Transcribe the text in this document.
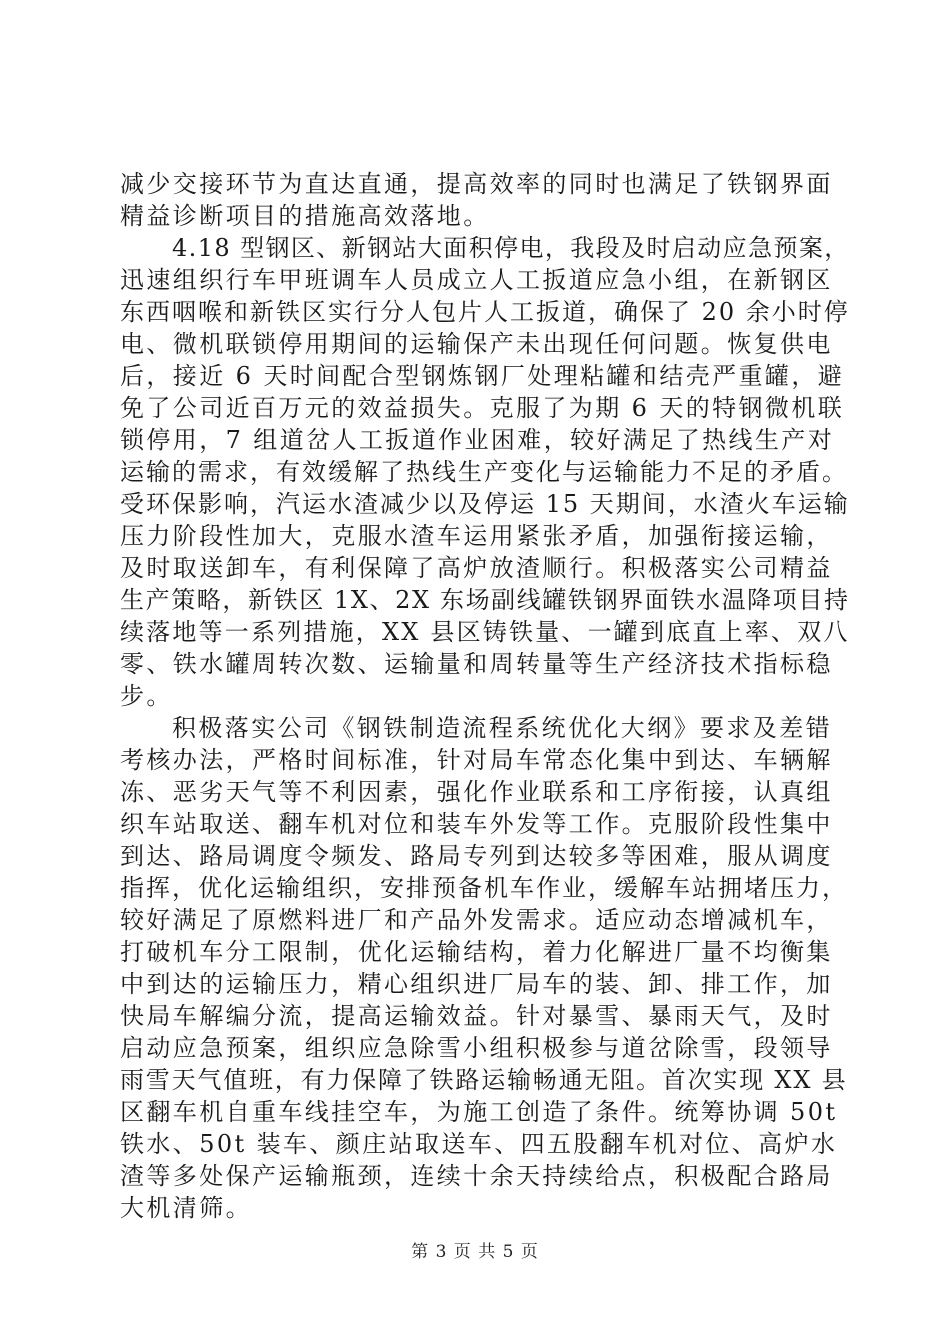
减少交接环节为直达直通，提高效率的同时也满足了铁钢界面
精益诊断项目的措施高效落地。
4.18 型钢区、新钢站大面积停电，我段及时启动应急预案，
迅速组织行车甲班调车人员成立人工扳道应急小组，在新钢区
东西咽喉和新铁区实行分人包片人工扳道，确保了 20 余小时停
电、微机联锁停用期间的运输保产未出现任何问题。恢复供电
后，接近 6 天时间配合型钢炼钢厂处理粘罐和结壳严重罐，避
免了公司近百万元的效益损失。克服了为期 6 天的特钢微机联
锁停用，7 组道岔人工扳道作业困难，较好满足了热线生产对
运输的需求，有效缓解了热线生产变化与运输能力不足的矛盾。
受环保影响，汽运水渣减少以及停运 15 天期间，水渣火车运输
压力阶段性加大，克服水渣车运用紧张矛盾，加强衔接运输，
及时取送卸车，有利保障了高炉放渣顺行。积极落实公司精益
生产策略，新铁区 1X、2X 东场副线罐铁钢界面铁水温降项目持
续落地等一系列措施，XX 县区铸铁量、一罐到底直上率、双八
零、铁水罐周转次数、运输量和周转量等生产经济技术指标稳
步。
积极落实公司《钢铁制造流程系统优化大纲》要求及差错
考核办法，严格时间标准，针对局车常态化集中到达、车辆解
冻、恶劣天气等不利因素，强化作业联系和工序衔接，认真组
织车站取送、翻车机对位和装车外发等工作。克服阶段性集中
到达、路局调度令频发、路局专列到达较多等困难，服从调度
指挥，优化运输组织，安排预备机车作业，缓解车站拥堵压力，
较好满足了原燃料进厂和产品外发需求。适应动态增减机车，
打破机车分工限制，优化运输结构，着力化解进厂量不均衡集
中到达的运输压力，精心组织进厂局车的装、卸、排工作，加
快局车解编分流，提高运输效益。针对暴雪、暴雨天气，及时
启动应急预案，组织应急除雪小组积极参与道岔除雪，段领导
雨雪天气值班，有力保障了铁路运输畅通无阻。首次实现 XX 县
区翻车机自重车线挂空车，为施工创造了条件。统筹协调 50t
铁水、50t 装车、颜庄站取送车、四五股翻车机对位、高炉水
渣等多处保产运输瓶颈，连续十余天持续给点，积极配合路局
大机清筛。
第 3 页 共 5 页
